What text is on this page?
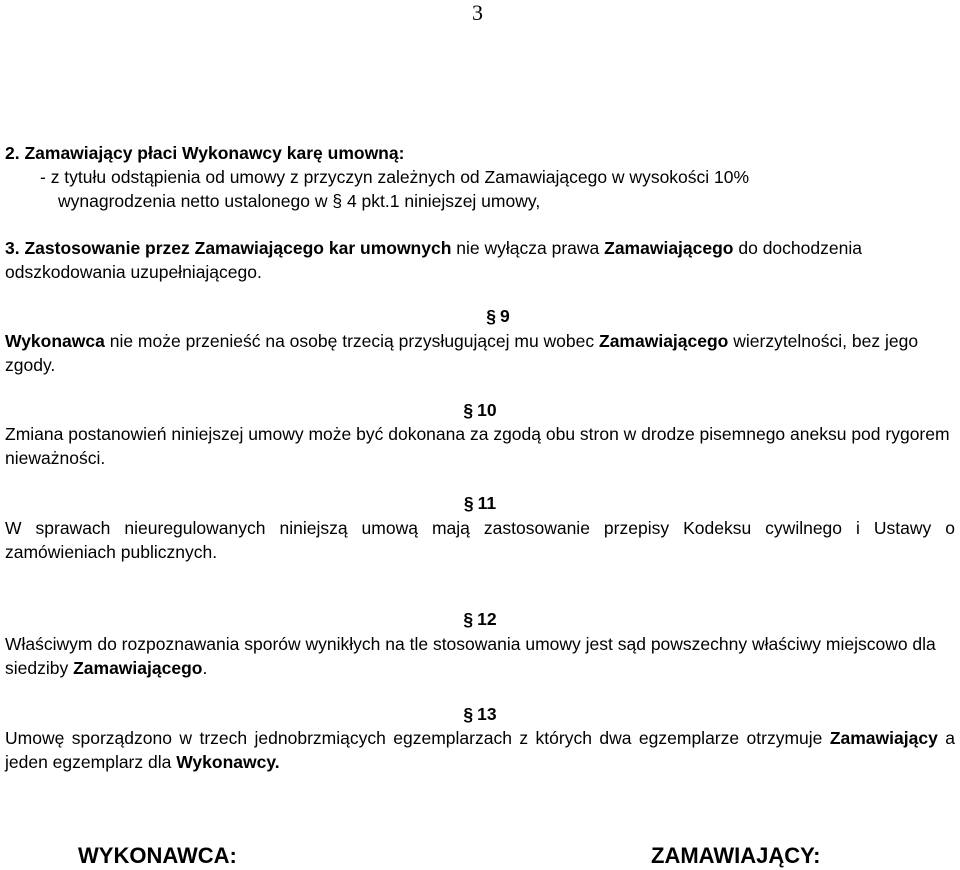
3
2. Zamawiający płaci Wykonawcy karę umowną:
- z tytułu odstąpienia od umowy z przyczyn zależnych od Zamawiającego w wysokości 10%
wynagrodzenia netto ustalonego w § 4 pkt.1 niniejszej umowy,
3. Zastosowanie przez Zamawiającego kar umownych nie wyłącza prawa Zamawiającego do dochodzenia odszkodowania uzupełniającego.
§ 9
Wykonawca nie może przenieść na osobę trzecią przysługującej mu wobec Zamawiającego wierzytelności, bez jego zgody.
§ 10
Zmiana postanowień niniejszej umowy może być dokonana za zgodą obu stron w drodze pisemnego aneksu pod rygorem nieważności.
§ 11
W sprawach nieuregulowanych niniejszą umową mają zastosowanie przepisy Kodeksu cywilnego i Ustawy o zamówieniach publicznych.
§ 12
Właściwym do rozpoznawania sporów wynikłych na tle stosowania umowy jest sąd powszechny właściwy miejscowo dla siedziby Zamawiającego.
§ 13
Umowę sporządzono w trzech jednobrzmiących egzemplarzach z których dwa egzemplarze otrzymuje Zamawiający a jeden egzemplarz dla Wykonawcy.
WYKONAWCA:	ZAMAWIAJĄCY:
